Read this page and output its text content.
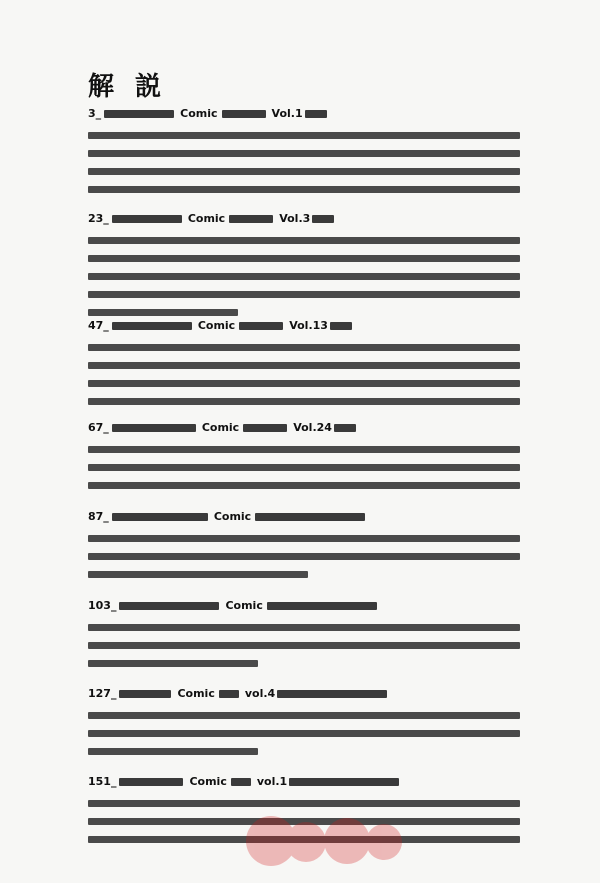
解 説
3_	Comic	Vol.1
23_	Comic	Vol.3
47_	Comic	Vol.13
67_	Comic	Vol.24
87_	Comic
103_	Comic
127_	Comic	vol.4
151_	Comic	vol.1
